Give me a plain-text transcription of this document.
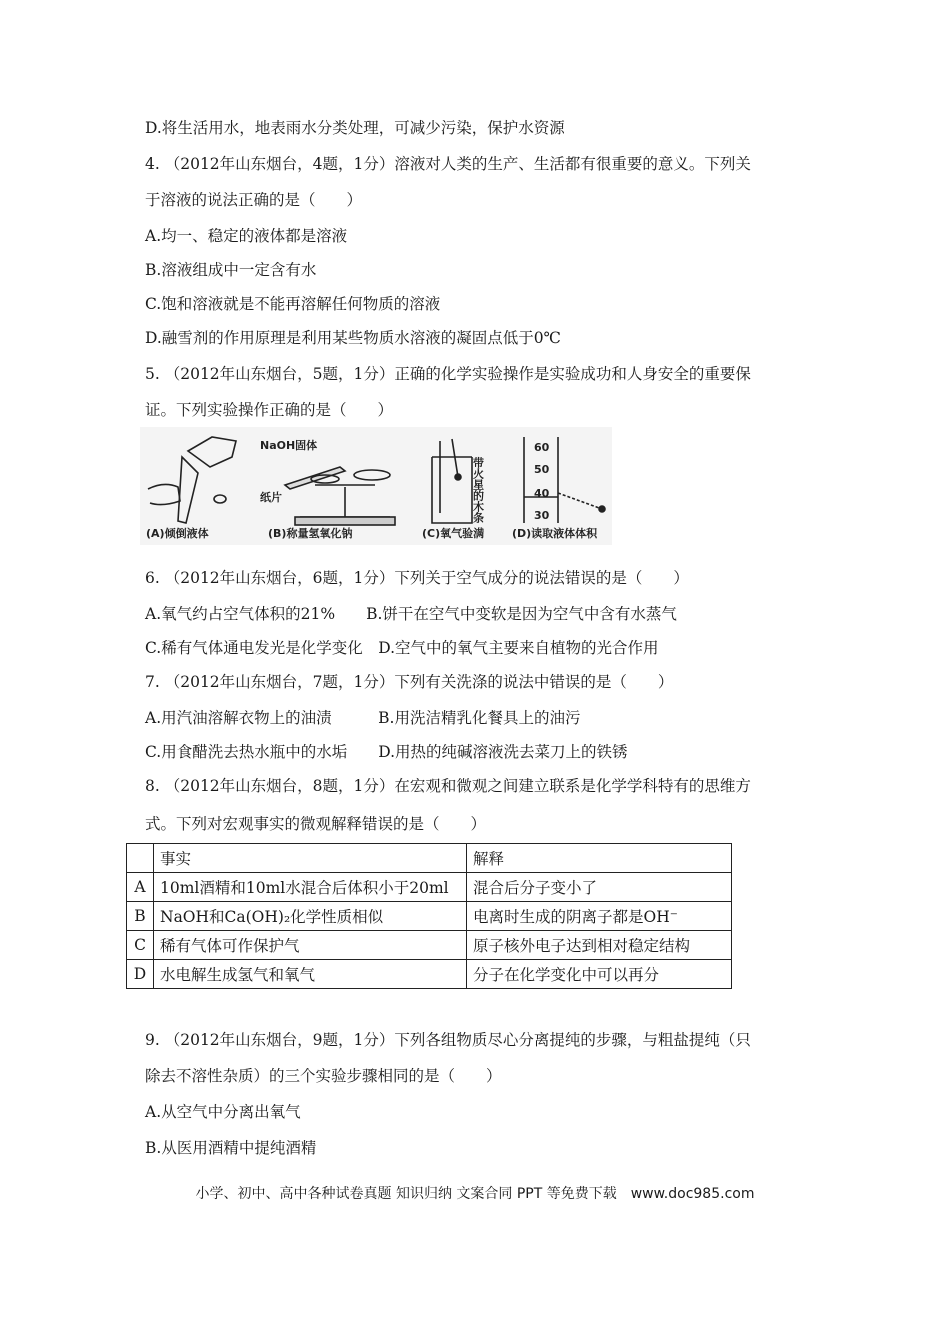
D.将生活用水，地表雨水分类处理，可减少污染，保护水资源
4. （2012年山东烟台，4题，1分）溶液对人类的生产、生活都有很重要的意义。下列关
于溶液的说法正确的是（　　）
A.均一、稳定的液体都是溶液
B.溶液组成中一定含有水
C.饱和溶液就是不能再溶解任何物质的溶液
D.融雪剂的作用原理是利用某些物质水溶液的凝固点低于0℃
5. （2012年山东烟台，5题，1分）正确的化学实验操作是实验成功和人身安全的重要保
证。下列实验操作正确的是（　　）
NaOH固体
纸片	带火星的木条
60
50
40
30
(A)倾倒液体	(B)称量氢氧化钠	(C)氧气验满	(D)读取液体体积
6. （2012年山东烟台，6题，1分）下列关于空气成分的说法错误的是（　　）
A.氧气约占空气体积的21%　　B.饼干在空气中变软是因为空气中含有水蒸气
C.稀有气体通电发光是化学变化　D.空气中的氧气主要来自植物的光合作用
7. （2012年山东烟台，7题，1分）下列有关洗涤的说法中错误的是（　　）
A.用汽油溶解衣物上的油渍　　　B.用洗洁精乳化餐具上的油污
C.用食醋洗去热水瓶中的水垢　　D.用热的纯碱溶液洗去菜刀上的铁锈
8. （2012年山东烟台，8题，1分）在宏观和微观之间建立联系是化学学科特有的思维方
式。下列对宏观事实的微观解释错误的是（　　）
	事实	解释
A	10ml酒精和10ml水混合后体积小于20ml	混合后分子变小了
B	NaOH和Ca(OH)₂化学性质相似	电离时生成的阴离子都是OH⁻
C	稀有气体可作保护气	原子核外电子达到相对稳定结构
D	水电解生成氢气和氧气	分子在化学变化中可以再分
9. （2012年山东烟台，9题，1分）下列各组物质尽心分离提纯的步骤，与粗盐提纯（只
除去不溶性杂质）的三个实验步骤相同的是（　　）
A.从空气中分离出氧气
B.从医用酒精中提纯酒精
小学、初中、高中各种试卷真题 知识归纳 文案合同 PPT 等免费下载　www.doc985.com
